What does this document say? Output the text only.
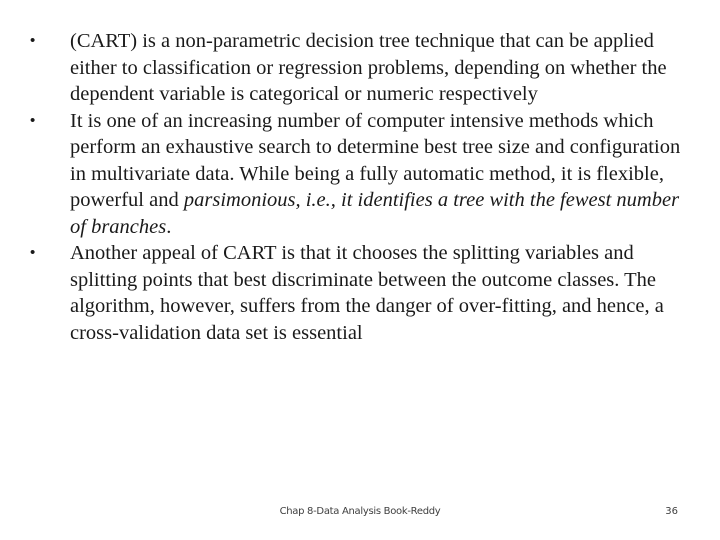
•	(CART) is a non-parametric decision tree technique that can be applied either to classification or regression problems, depending on whether the dependent variable is categorical or numeric respectively
•	It is one of an increasing number of computer intensive methods which perform an exhaustive search to determine best tree size and configuration in multivariate data. While being a fully automatic method, it is flexible, powerful and parsimonious, i.e., it identifies a tree with the fewest number of branches.
•	Another appeal of CART is that it chooses the splitting variables and splitting points that best discriminate between the outcome classes. The algorithm, however, suffers from the danger of over-fitting, and hence, a cross-validation data set is essential
Chap 8-Data Analysis Book-Reddy	36
